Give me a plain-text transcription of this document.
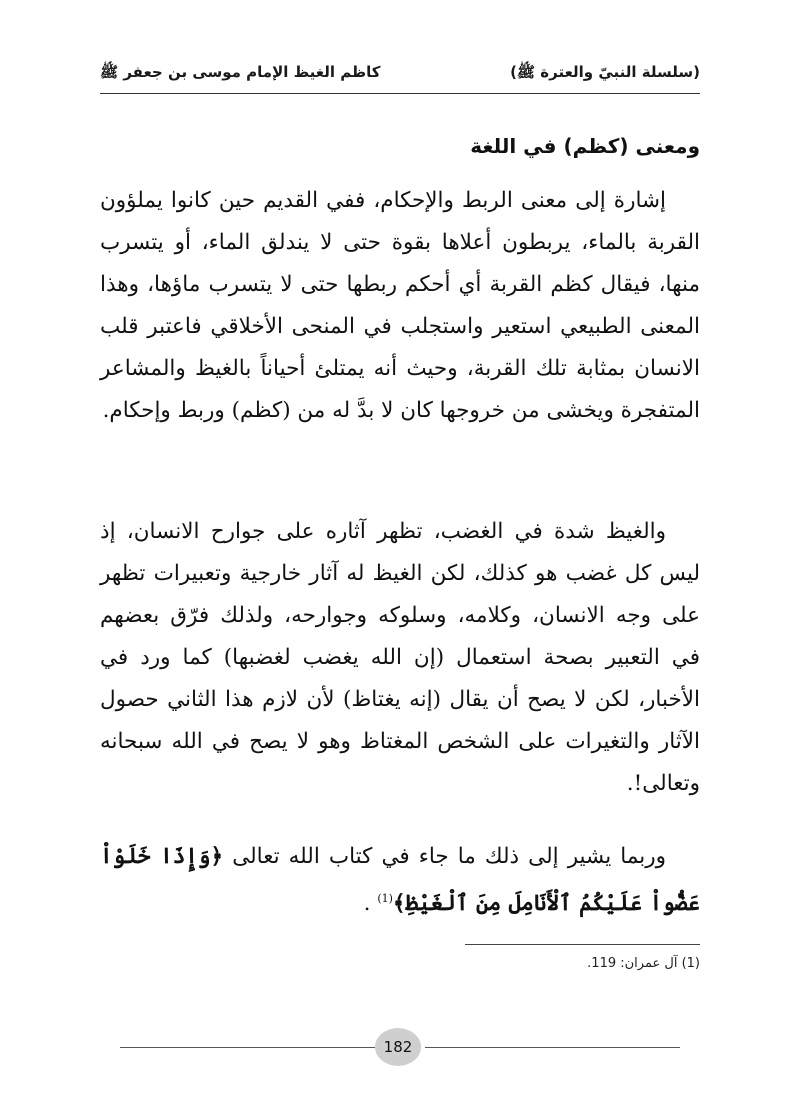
(سلسلة النبيّ والعترة ﷺ)
كاظم الغيظ الإمام موسى بن جعفر ﷺ
ومعنى (كظم) في اللغة
إشارة إلى معنى الربط والإحكام، ففي القديم حين كانوا يملؤون القربة بالماء، يربطون أعلاها بقوة حتى لا يندلق الماء، أو يتسرب منها، فيقال كظم القربة أي أحكم ربطها حتى لا يتسرب ماؤها، وهذا المعنى الطبيعي استعير واستجلب في المنحى الأخلاقي فاعتبر قلب الانسان بمثابة تلك القربة، وحيث أنه يمتلئ أحياناً بالغيظ والمشاعر المتفجرة ويخشى من خروجها كان لا بدَّ له من (كظم) وربط وإحكام.
والغيظ شدة في الغضب، تظهر آثاره على جوارح الانسان، إذ ليس كل غضب هو كذلك، لكن الغيظ له آثار خارجية وتعبيرات تظهر على وجه الانسان، وكلامه، وسلوكه وجوارحه، ولذلك فرّق بعضهم في التعبير بصحة استعمال (إن الله يغضب لغضبها) كما ورد في الأخبار، لكن لا يصح أن يقال (إنه يغتاظ) لأن لازم هذا الثاني حصول الآثار والتغيرات على الشخص المغتاظ وهو لا يصح في الله سبحانه وتعالى!.
وربما يشير إلى ذلك ما جاء في كتاب الله تعالى ﴿وَإِذَا خَلَوْاْ عَضُّواْ عَلَيْكُمُ ٱلْأَنَامِلَ مِنَ ٱلْغَيْظِ﴾$^{(1)}$ .
(1) آل عمران: 119.
182
